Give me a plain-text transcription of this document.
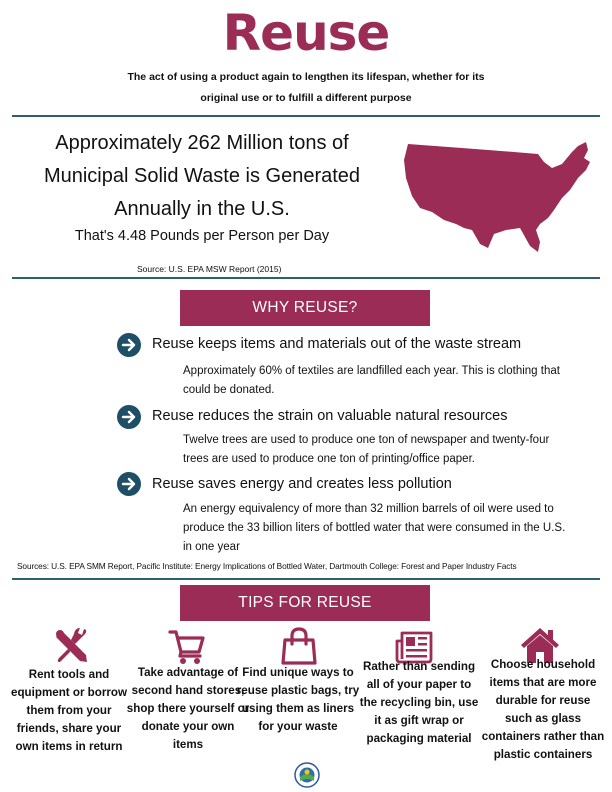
Reuse
The act of using a product again to lengthen its lifespan, whether for its original use or to fulfill a different purpose
Approximately 262 Million tons of Municipal Solid Waste is Generated Annually in the U.S.
That's 4.48 Pounds per Person per Day
Source: U.S. EPA MSW Report (2015)
WHY REUSE?
Reuse keeps items and materials out of the waste stream
Approximately 60% of textiles are landfilled each year. This is clothing that could be donated.
Reuse reduces the strain on valuable natural resources
Twelve trees are used to produce one ton of newspaper and twenty-four trees are used to produce one ton of printing/office paper.
Reuse saves energy and creates less pollution
An energy equivalency of more than 32 million barrels of oil were used to produce the 33 billion liters of bottled water that were consumed in the U.S. in one year
Sources: U.S. EPA SMM Report, Pacific Institute: Energy Implications of Bottled Water, Dartmouth College: Forest and Paper Industry Facts
TIPS FOR REUSE
Rent tools and equipment or borrow them from your friends, share your own items in return
Take advantage of second hand stores, shop there yourself or donate your own items
Find unique ways to reuse plastic bags, try using them as liners for your waste
Rather than sending all of your paper to the recycling bin, use it as gift wrap or packaging material
Choose household items that are more durable for reuse such as glass containers rather than plastic containers
